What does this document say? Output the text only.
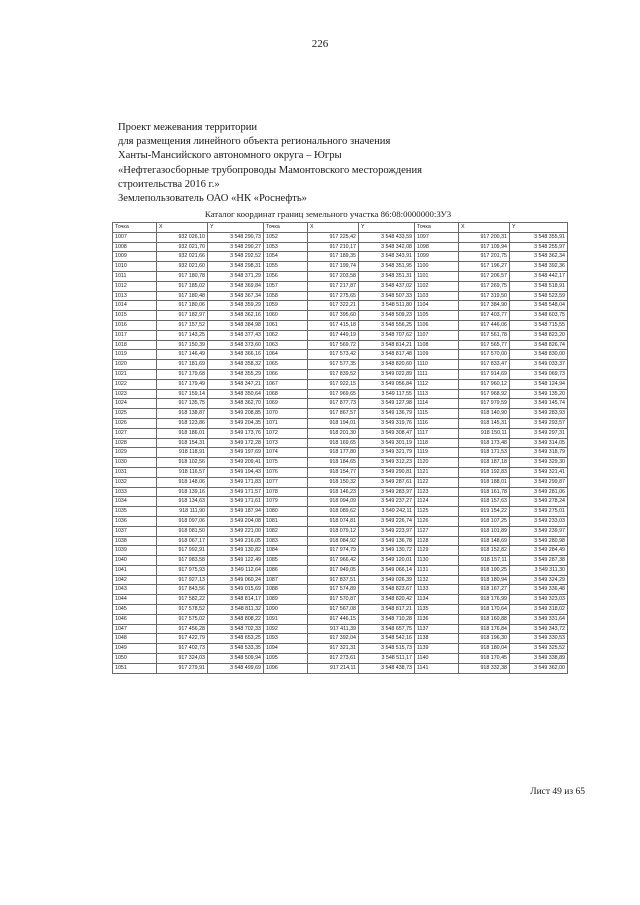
226
Проект межевания территории
для размещения линейного объекта регионального значения
Ханты-Мансийского автономного округа – Югры
«Нефтегазосборные трубопроводы Мамонтовского месторождения
строительства 2016 г.»
Землепользователь ОАО «НК «Роснефть»
Каталог координат границ земельного участка 86:08:0000000:ЗУ3
Точка	X	Y	Точка	X	Y	Точка	X	Y
1007	932 026,10	3 548 290,73	1052	917 225,42	3 548 433,59	1097	917 200,31	3 548 355,91
1008	932 021,70	3 548 290,27	1053	917 210,17	3 548 342,08	1098	917 109,94	3 548 255,97
1009	932 021,66	3 548 292,52	1054	917 189,35	3 548 343,91	1099	917 201,75	3 548 362,34
1010	932 021,60	3 548 298,31	1055	917 199,74	3 548 351,95	1100	917 196,27	3 548 392,36
1011	917 180,78	3 548 371,29	1056	917 203,58	3 548 351,31	1101	917 206,57	3 548 442,17
1012	917 185,02	3 548 369,84	1057	917 217,87	3 548 437,02	1102	917 269,75	3 548 518,91
1013	917 180,48	3 548 367,34	1058	917 275,65	3 548 507,33	1103	917 319,50	3 548 523,59
1014	917 180,06	3 548 359,29	1059	917 322,21	3 548 511,80	1104	917 384,90	3 548 548,04
1015	917 182,97	3 548 362,16	1060	917 395,60	3 548 509,23	1105	917 403,77	3 548 603,75
1016	917 157,52	3 548 384,98	1061	917 415,18	3 548 556,25	1106	917 446,06	3 548 715,55
1017	917 143,25	3 548 377,43	1062	917 449,19	3 548 707,62	1107	917 561,78	3 548 823,20
1018	917 150,39	3 548 373,60	1063	917 569,72	3 548 814,21	1108	917 565,77	3 548 826,74
1019	917 146,49	3 548 366,16	1064	917 573,42	3 548 817,48	1109	917 570,00	3 548 830,00
1020	917 181,69	3 548 358,32	1065	917 577,35	3 548 820,60	1110	917 833,47	3 549 033,37
1021	917 179,68	3 548 355,29	1066	917 839,52	3 549 022,89	1111	917 914,69	3 549 069,73
1022	917 179,49	3 548 347,21	1067	917 922,15	3 549 056,84	1112	917 960,12	3 548 124,94
1023	917 159,14	3 548 350,64	1068	917 969,65	3 549 117,55	1113	917 968,92	3 549 135,20
1024	917 135,75	3 548 362,70	1069	917 877,73	3 549 127,98	1114	917 979,59	3 549 145,74
1025	918 138,87	3 549 208,85	1070	917 867,57	3 549 136,79	1115	918 140,90	3 549 283,93
1026	918 123,86	3 549 204,35	1071	918 194,01	3 549 319,76	1116	918 145,31	3 549 293,57
1027	918 186,01	3 549 173,76	1072	918 201,30	3 549 308,47	1117	918 150,11	3 549 297,31
1028	918 154,31	3 549 172,28	1073	918 169,65	3 549 301,19	1118	918 173,48	3 549 314,05
1029	918 118,91	3 549 197,69	1074	918 177,80	3 549 321,79	1119	918 171,53	3 549 318,79
1030	918 102,56	3 549 209,41	1075	918 184,65	3 549 312,23	1120	918 187,18	3 549 329,30
1031	918 116,57	3 549 194,43	1076	918 154,77	3 549 290,81	1121	918 192,83	3 549 321,41
1032	918 148,06	3 549 171,83	1077	918 150,32	3 549 287,61	1122	918 188,01	3 549 299,87
1033	918 139,16	3 549 171,57	1078	918 146,23	3 549 283,97	1123	918 161,78	3 549 281,06
1034	918 134,63	3 549 171,61	1079	918 094,09	3 549 237,27	1124	918 157,63	3 549 278,24
1035	918 111,90	3 549 187,94	1080	918 089,62	3 549 242,11	1125	919 154,22	3 549 275,01
1036	918 097,06	3 549 204,08	1081	918 074,81	3 549 226,74	1126	918 107,25	3 549 233,03
1037	918 081,50	3 549 221,00	1082	918 079,12	3 549 223,97	1127	918 101,89	3 549 239,97
1038	918 067,17	3 549 216,05	1083	918 084,92	3 549 136,78	1128	918 148,69	3 549 280,98
1039	917 992,91	3 549 130,82	1084	917 974,79	3 549 130,72	1129	918 152,82	3 549 284,49
1040	917 983,58	3 549 122,49	1085	917 966,42	3 549 120,01	1130	918 157,11	3 549 287,38
1041	917 975,93	3 549 112,64	1086	917 949,05	3 549 066,14	1131	918 190,25	3 549 311,30
1042	917 927,13	3 549 060,24	1087	917 837,51	3 549 026,39	1132	918 180,94	3 549 324,29
1043	917 843,56	3 549 015,69	1088	917 574,89	3 548 823,67	1133	918 167,27	3 549 336,48
1044	917 582,22	3 548 814,17	1089	917 570,87	3 548 820,42	1134	918 176,99	3 549 323,03
1045	917 578,52	3 548 811,32	1090	917 567,08	3 548 817,21	1135	918 170,64	3 549 318,02
1046	917 575,02	3 548 808,22	1091	917 446,15	3 548 710,28	1136	918 160,88	3 549 331,64
1047	917 456,28	3 548 702,33	1092	917 411,39	3 548 657,75	1137	918 176,84	3 549 343,72
1048	917 422,79	3 548 653,25	1093	917 392,04	3 548 542,16	1138	918 196,30	3 549 330,53
1049	917 402,73	3 548 533,35	1094	917 321,31	3 548 515,73	1139	918 180,04	3 549 325,52
1050	917 324,03	3 548 509,94	1095	917 273,61	3 548 511,17	1140	918 170,45	3 549 338,89
1051	917 279,91	3 548 499,69	1096	917 214,11	3 548 438,73	1141	918 332,38	3 549 362,00
Лист 49 из 65
